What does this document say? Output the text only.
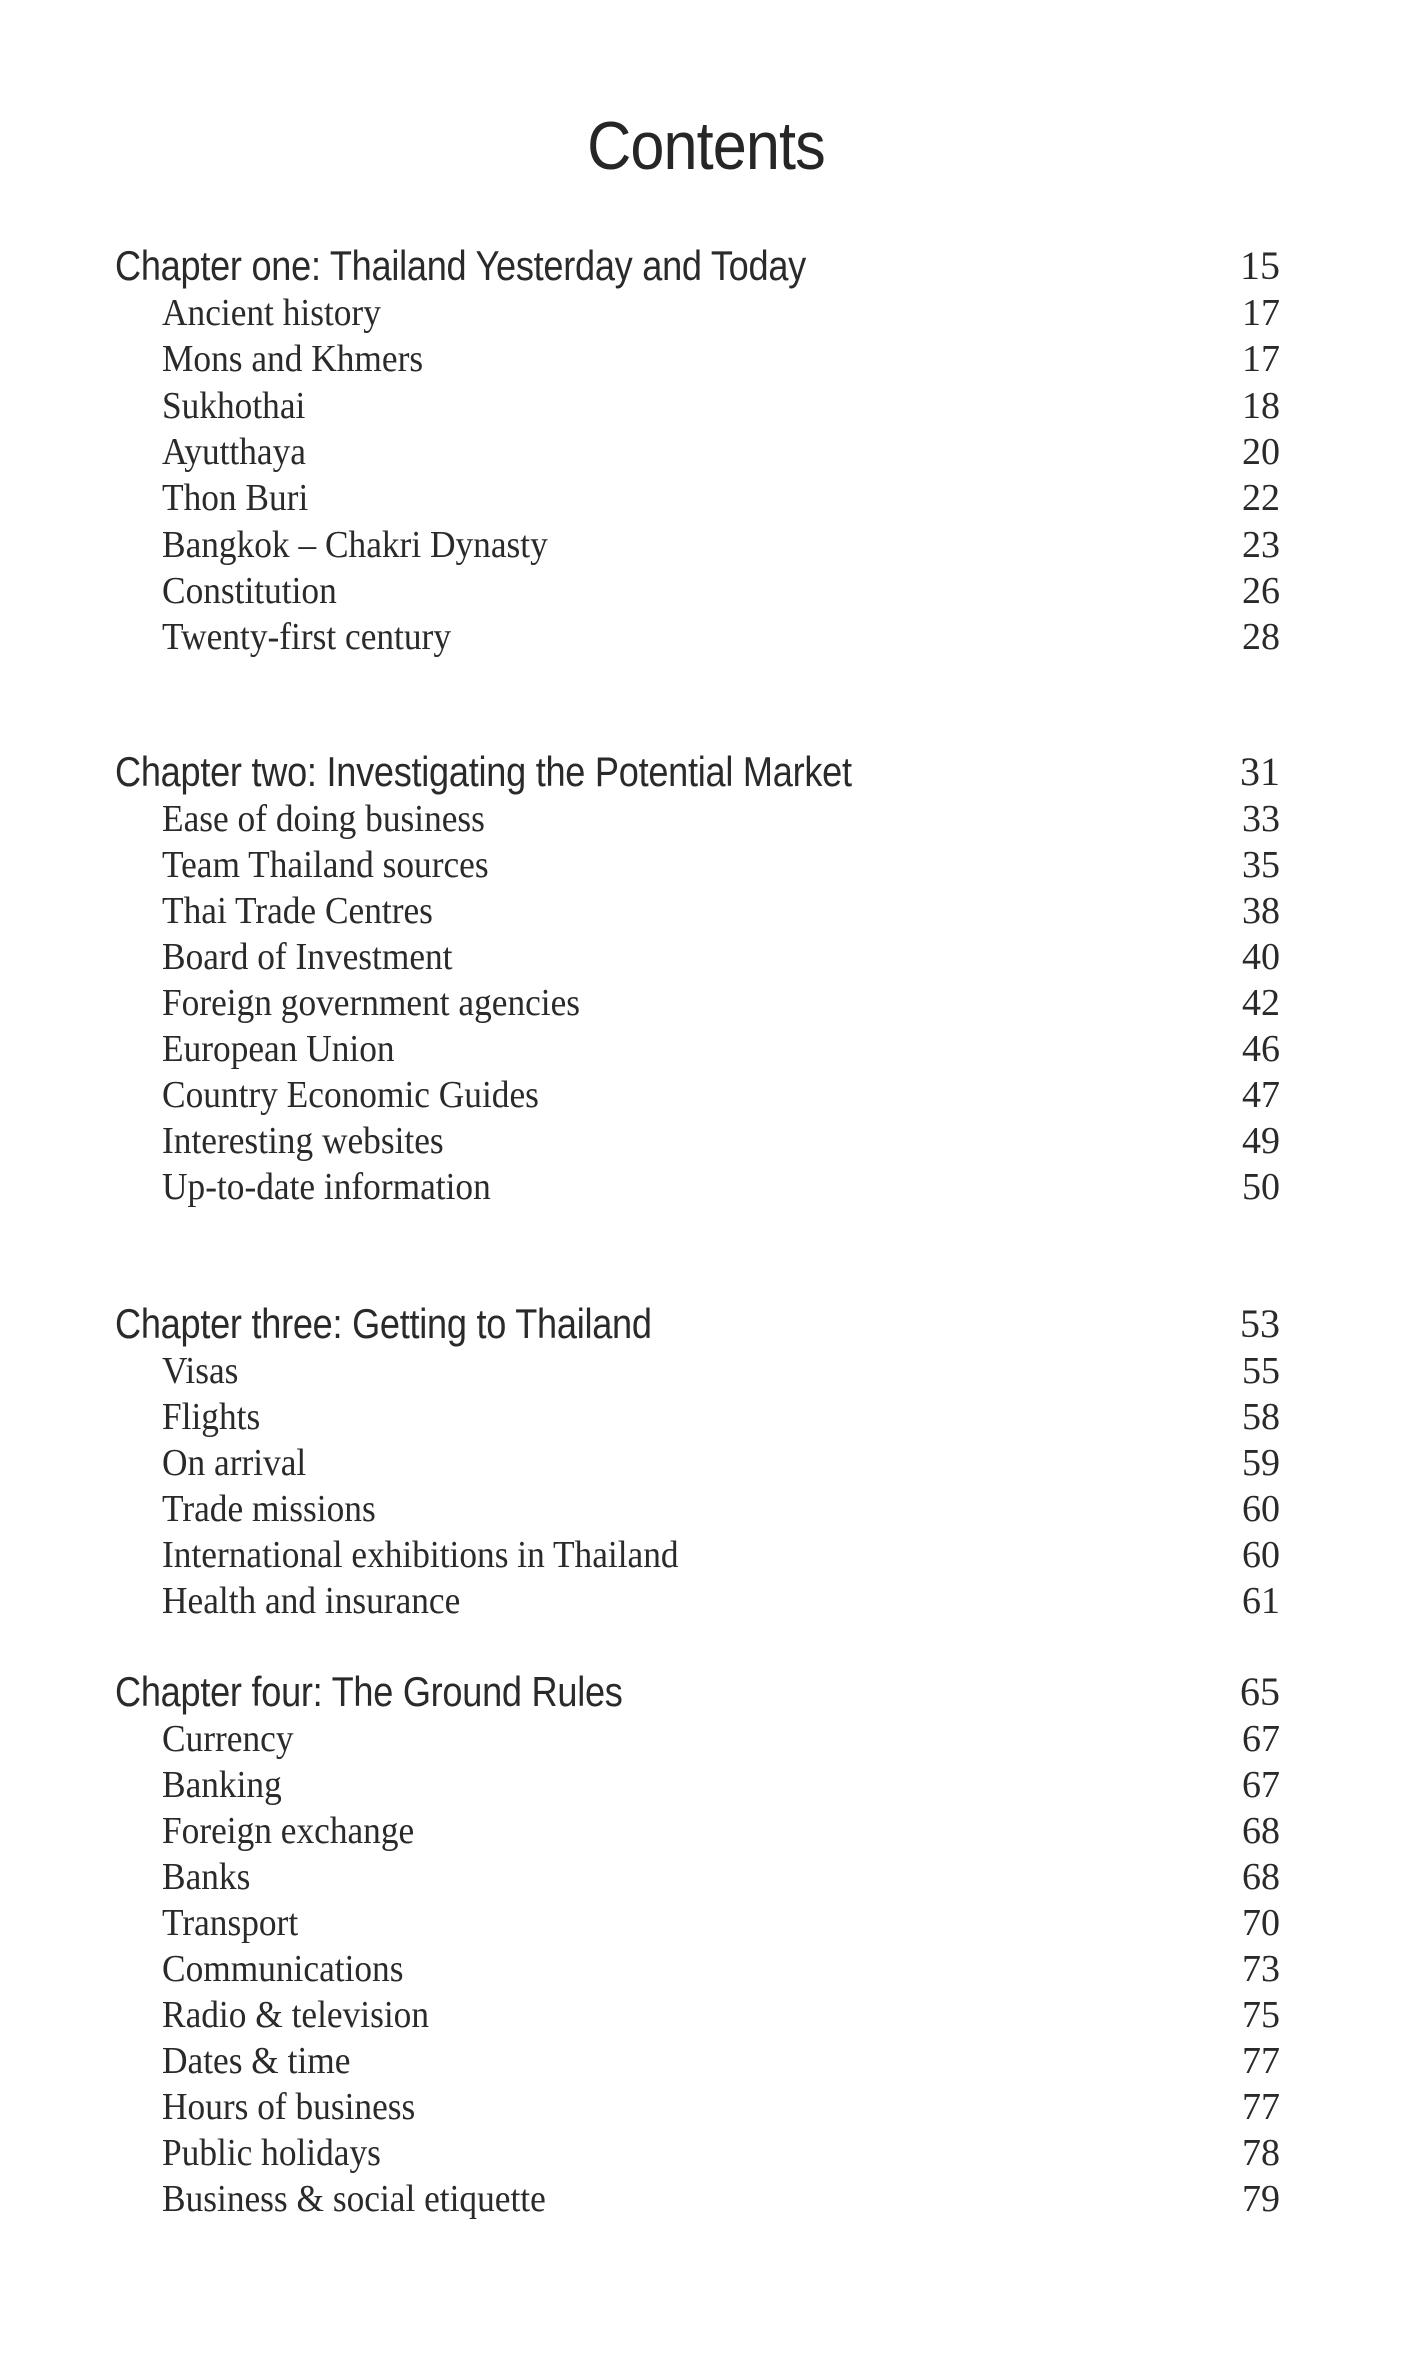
Contents
Chapter one: Thailand Yesterday and Today	15
Ancient history	17
Mons and Khmers	17
Sukhothai	18
Ayutthaya	20
Thon Buri	22
Bangkok – Chakri Dynasty	23
Constitution	26
Twenty-first century	28
Chapter two: Investigating the Potential Market	31
Ease of doing business	33
Team Thailand sources	35
Thai Trade Centres	38
Board of Investment	40
Foreign government agencies	42
European Union	46
Country Economic Guides	47
Interesting websites	49
Up-to-date information	50
Chapter three: Getting to Thailand	53
Visas	55
Flights	58
On arrival	59
Trade missions	60
International exhibitions in Thailand	60
Health and insurance	61
Chapter four: The Ground Rules	65
Currency	67
Banking	67
Foreign exchange	68
Banks	68
Transport	70
Communications	73
Radio & television	75
Dates & time	77
Hours of business	77
Public holidays	78
Business & social etiquette	79
